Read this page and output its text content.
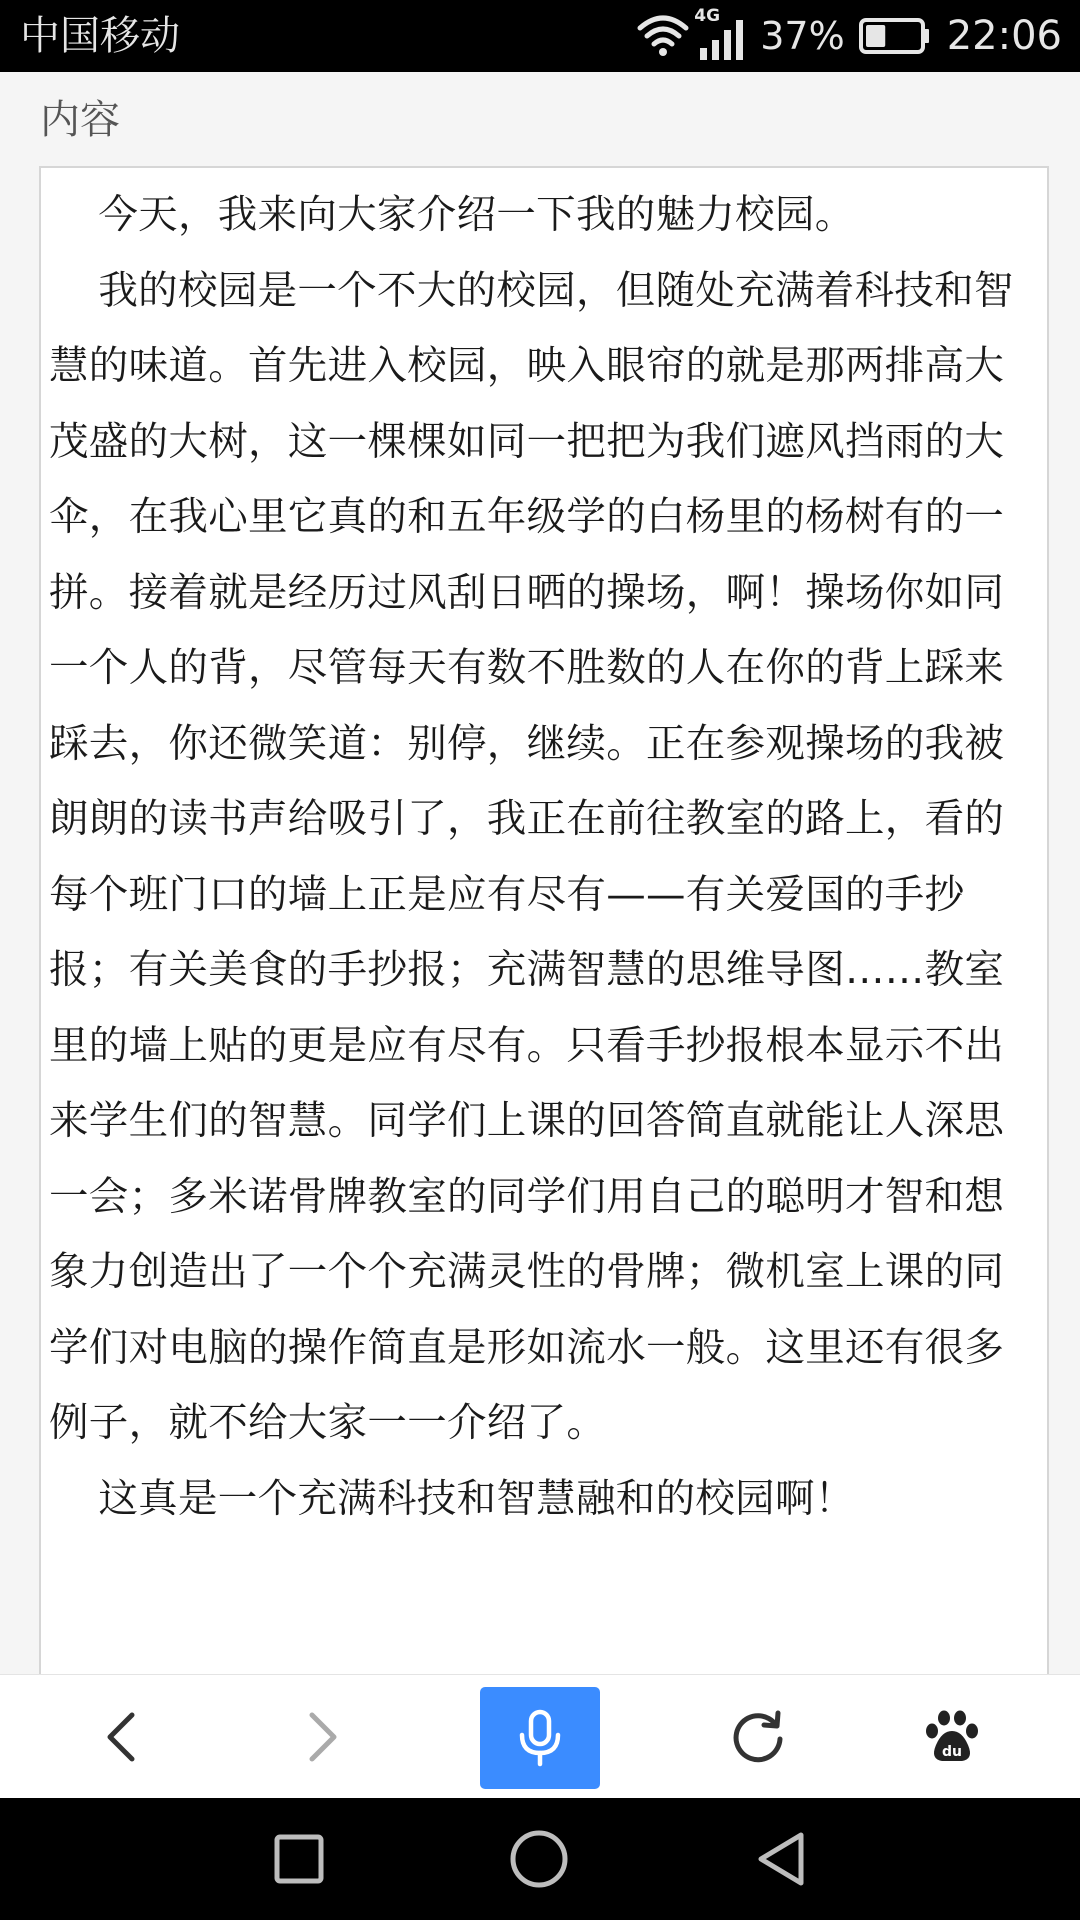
中国移动	4G 37%	22:06
内容

今天，我来向大家介绍一下我的魅力校园。

我的校园是一个不大的校园，但随处充满着科技和智慧的味道。首先进入校园，映入眼帘的就是那两排高大茂盛的大树，这一棵棵如同一把把为我们遮风挡雨的大伞，在我心里它真的和五年级学的白杨里的杨树有的一拼。接着就是经历过风刮日晒的操场，啊！操场你如同一个人的背，尽管每天有数不胜数的人在你的背上踩来踩去，你还微笑道：别停，继续。正在参观操场的我被朗朗的读书声给吸引了，我正在前往教室的路上，看的每个班门口的墙上正是应有尽有——有关爱国的手抄报；有关美食的手抄报；充满智慧的思维导图……教室里的墙上贴的更是应有尽有。只看手抄报根本显示不出来学生们的智慧。同学们上课的回答简直就能让人深思一会；多米诺骨牌教室的同学们用自己的聪明才智和想象力创造出了一个个充满灵性的骨牌；微机室上课的同学们对电脑的操作简直是形如流水一般。这里还有很多例子，就不给大家一一介绍了。

这真是一个充满科技和智慧融和的校园啊！

du
